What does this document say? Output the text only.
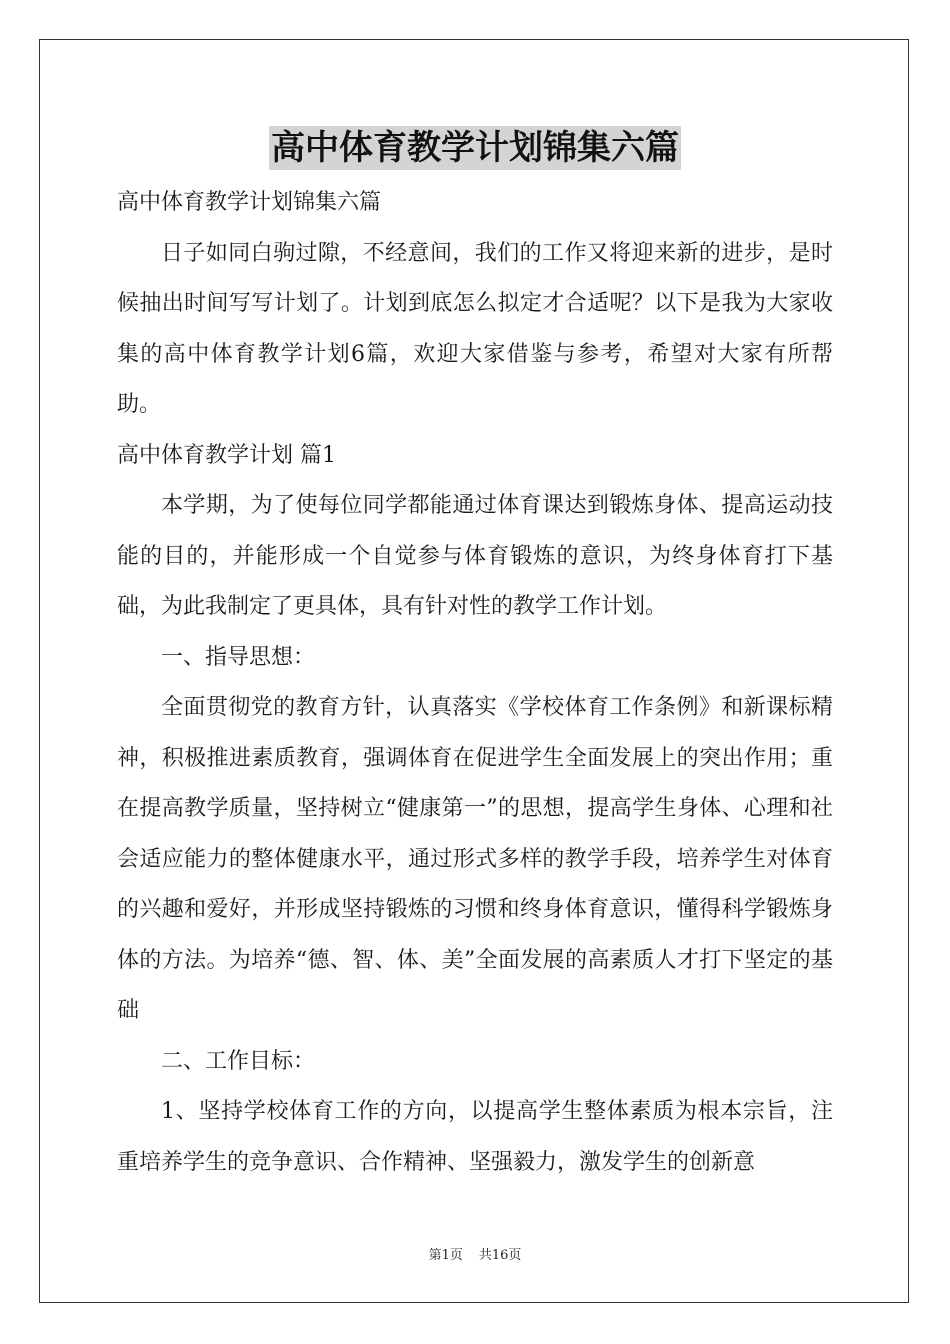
高中体育教学计划锦集六篇

高中体育教学计划锦集六篇

日子如同白驹过隙，不经意间，我们的工作又将迎来新的进步，是时候抽出时间写写计划了。计划到底怎么拟定才合适呢？以下是我为大家收集的高中体育教学计划6篇，欢迎大家借鉴与参考，希望对大家有所帮助。

高中体育教学计划 篇1

本学期，为了使每位同学都能通过体育课达到锻炼身体、提高运动技能的目的，并能形成一个自觉参与体育锻炼的意识，为终身体育打下基础，为此我制定了更具体，具有针对性的教学工作计划。

一、指导思想：

全面贯彻党的教育方针，认真落实《学校体育工作条例》和新课标精神，积极推进素质教育，强调体育在促进学生全面发展上的突出作用；重在提高教学质量，坚持树立“健康第一”的思想，提高学生身体、心理和社会适应能力的整体健康水平，通过形式多样的教学手段，培养学生对体育的兴趣和爱好，并形成坚持锻炼的习惯和终身体育意识，懂得科学锻炼身体的方法。为培养“德、智、体、美”全面发展的高素质人才打下坚定的基础

二、工作目标：

1、坚持学校体育工作的方向，以提高学生整体素质为根本宗旨，注重培养学生的竞争意识、合作精神、坚强毅力，激发学生的创新意

第1页 共16页
